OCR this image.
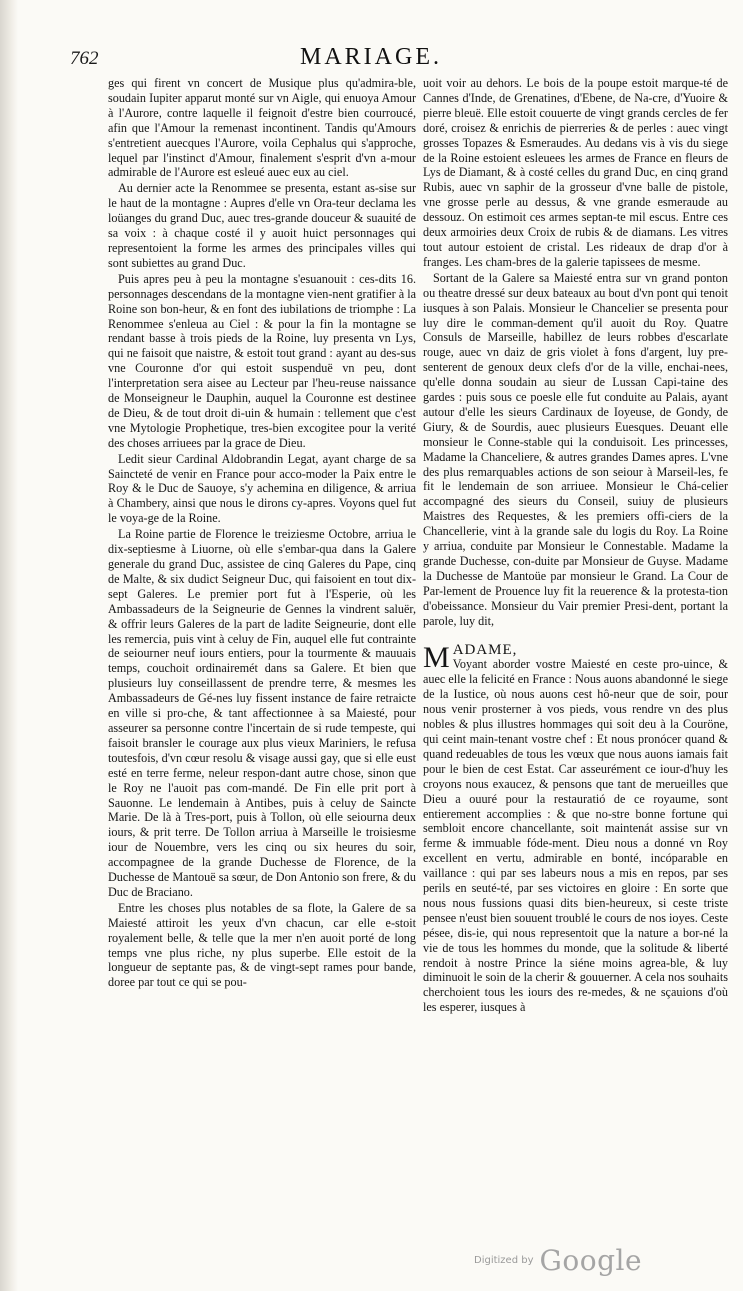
762	MARIAGE.

ges qui firent vn concert de Musique plus qu'admira-ble, soudain Iupiter apparut monté sur vn Aigle, qui enuoya Amour à l'Aurore, contre laquelle il feignoit d'estre bien courroucé, afin que l'Amour la remenast incontinent. Tandis qu'Amours s'entretient auecques l'Aurore, voila Cephalus qui s'approche, lequel par l'instinct d'Amour, finalement s'esprit d'vn a-mour admirable de l'Aurore est esleué auec eux au ciel.

Au dernier acte la Renommee se presenta, estant as-sise sur le haut de la montagne : Aupres d'elle vn Ora-teur declama les loüanges du grand Duc, auec tres-grande douceur & suauité de sa voix : à chaque costé il y auoit huict personnages qui representoient la forme les armes des principales villes qui sont subiettes au grand Duc.

Puis apres peu à peu la montagne s'esuanouit : ces-dits 16. personnages descendans de la montagne vien-nent gratifier à la Roine son bon-heur, & en font des iubilations de triomphe : La Renommee s'enleua au Ciel : & pour la fin la montagne se rendant basse à trois pieds de la Roine, luy presenta vn Lys, qui ne faisoit que naistre, & estoit tout grand : ayant au des-sus vne Couronne d'or qui estoit suspenduë vn peu, dont l'interpretation sera aisee au Lecteur par l'heu-reuse naissance de Monseigneur le Dauphin, auquel la Couronne est destinee de Dieu, & de tout droit di-uin & humain : tellement que c'est vne Mytologie Prophetique, tres-bien excogitee pour la verité des choses arriuees par la grace de Dieu.

Ledit sieur Cardinal Aldobrandin Legat, ayant charge de sa Saincteté de venir en France pour acco-moder la Paix entre le Roy & le Duc de Sauoye, s'y achemina en diligence, & arriua à Chambery, ainsi que nous le dirons cy-apres. Voyons quel fut le voya-ge de la Roine.

La Roine partie de Florence le treiziesme Octobre, arriua le dix-septiesme à Liuorne, où elle s'embar-qua dans la Galere generale du grand Duc, assistee de cinq Galeres du Pape, cinq de Malte, & six dudict Seigneur Duc, qui faisoient en tout dix-sept Galeres. Le premier port fut à l'Esperie, où les Ambassadeurs de la Seigneurie de Gennes la vindrent saluër, & offrir leurs Galeres de la part de ladite Seigneurie, dont elle les remercia, puis vint à celuy de Fin, auquel elle fut contrainte de seiourner neuf iours entiers, pour la tourmente & mauuais temps, couchoit ordinairemét dans sa Galere. Et bien que plusieurs luy conseillassent de prendre terre, & mesmes les Ambassadeurs de Gé-nes luy fissent instance de faire retraicte en ville si pro-che, & tant affectionnee à sa Maiesté, pour asseurer sa personne contre l'incertain de si rude tempeste, qui faisoit bransler le courage aux plus vieux Mariniers, le refusa toutesfois, d'vn cœur resolu & visage aussi gay, que si elle eust esté en terre ferme, neleur respon-dant autre chose, sinon que le Roy ne l'auoit pas com-mandé. De Fin elle prit port à Sauonne. Le lendemain à Antibes, puis à celuy de Saincte Marie. De là à Tres-port, puis à Tollon, où elle seiourna deux iours, & prit terre. De Tollon arriua à Marseille le troisiesme iour de Nouembre, vers les cinq ou six heures du soir, accompagnee de la grande Duchesse de Florence, de la Duchesse de Mantouë sa sœur, de Don Antonio son frere, & du Duc de Braciano.

Entre les choses plus notables de sa flote, la Galere de sa Maiesté attiroit les yeux d'vn chacun, car elle e-stoit royalement belle, & telle que la mer n'en auoit porté de long temps vne plus riche, ny plus superbe. Elle estoit de la longueur de septante pas, & de vingt-sept rames pour bande, doree par tout ce qui se pou-

uoit voir au dehors. Le bois de la poupe estoit marque-té de Cannes d'Inde, de Grenatines, d'Ebene, de Na-cre, d'Yuoire & pierre bleuë. Elle estoit couuerte de vingt grands cercles de fer doré, croisez & enrichis de pierreries & de perles : auec vingt grosses Topazes & Esmeraudes. Au dedans vis à vis du siege de la Roine estoient esleuees les armes de France en fleurs de Lys de Diamant, & à costé celles du grand Duc, en cinq grand Rubis, auec vn saphir de la grosseur d'vne balle de pistole, vne grosse perle au dessus, & vne grande esmeraude au dessouz. On estimoit ces armes septan-te mil escus. Entre ces deux armoiries deux Croix de rubis & de diamans. Les vitres tout autour estoient de cristal. Les rideaux de drap d'or à franges. Les cham-bres de la galerie tapissees de mesme.

Sortant de la Galere sa Maiesté entra sur vn grand ponton ou theatre dressé sur deux bateaux au bout d'vn pont qui tenoit iusques à son Palais. Monsieur le Chancelier se presenta pour luy dire le comman-dement qu'il auoit du Roy. Quatre Consuls de Marseille, habillez de leurs robbes d'escarlate rouge, auec vn daiz de gris violet à fons d'argent, luy pre-senterent de genoux deux clefs d'or de la ville, enchai-nees, qu'elle donna soudain au sieur de Lussan Capi-taine des gardes : puis sous ce poesle elle fut conduite au Palais, ayant autour d'elle les sieurs Cardinaux de Ioyeuse, de Gondy, de Giury, & de Sourdis, auec plusieurs Euesques. Deuant elle monsieur le Conne-stable qui la conduisoit. Les princesses, Madame la Chanceliere, & autres grandes Dames apres. L'vne des plus remarquables actions de son seiour à Marseil-les, fe fit le lendemain de son arriuee. Monsieur le Chá-celier accompagné des sieurs du Conseil, suiuy de plusieurs Maistres des Requestes, & les premiers offi-ciers de la Chancellerie, vint à la grande sale du logis du Roy. La Roine y arriua, conduite par Monsieur le Connestable. Madame la grande Duchesse, con-duite par Monsieur de Guyse. Madame la Duchesse de Mantoüe par monsieur le Grand. La Cour de Par-lement de Prouence luy fit la reuerence & la protesta-tion d'obeissance. Monsieur du Vair premier Presi-dent, portant la parole, luy dit,

MADAME,
Voyant aborder vostre Maiesté en ceste pro-uince, & auec elle la felicité en France : Nous auons abandonné le siege de la Iustice, où nous auons cest hô-neur que de soir, pour nous venir prosterner à vos pieds, vous rendre vn des plus nobles & plus illustres hommages qui soit deu à la Couröne, qui ceint main-tenant vostre chef : Et nous pronócer quand & quand redeuables de tous les vœux que nous auons iamais fait pour le bien de cest Estat. Car asseurément ce iour-d'huy les croyons nous exaucez, & pensons que tant de merueilles que Dieu a ouuré pour la restauratió de ce royaume, sont entierement accomplies : & que no-stre bonne fortune qui sembloit encore chancellante, soit maintenát assise sur vn ferme & immuable fóde-ment. Dieu nous a donné vn Roy excellent en vertu, admirable en bonté, incóparable en vaillance : qui par ses labeurs nous a mis en repos, par ses perils en seuté-té, par ses victoires en gloire : En sorte que nous nous fussions quasi dits bien-heureux, si ceste triste pensee n'eust bien souuent troublé le cours de nos ioyes. Ceste pésee, dis-ie, qui nous representoit que la nature a bor-né la vie de tous les hommes du monde, que la solitude & liberté rendoit à nostre Prince la siéne moins agrea-ble, & luy diminuoit le soin de la cherir & gouuerner. A cela nos souhaits cherchoient tous les iours des re-medes, & ne sçauions d'où les esperer, iusques à

Digitized by Google
